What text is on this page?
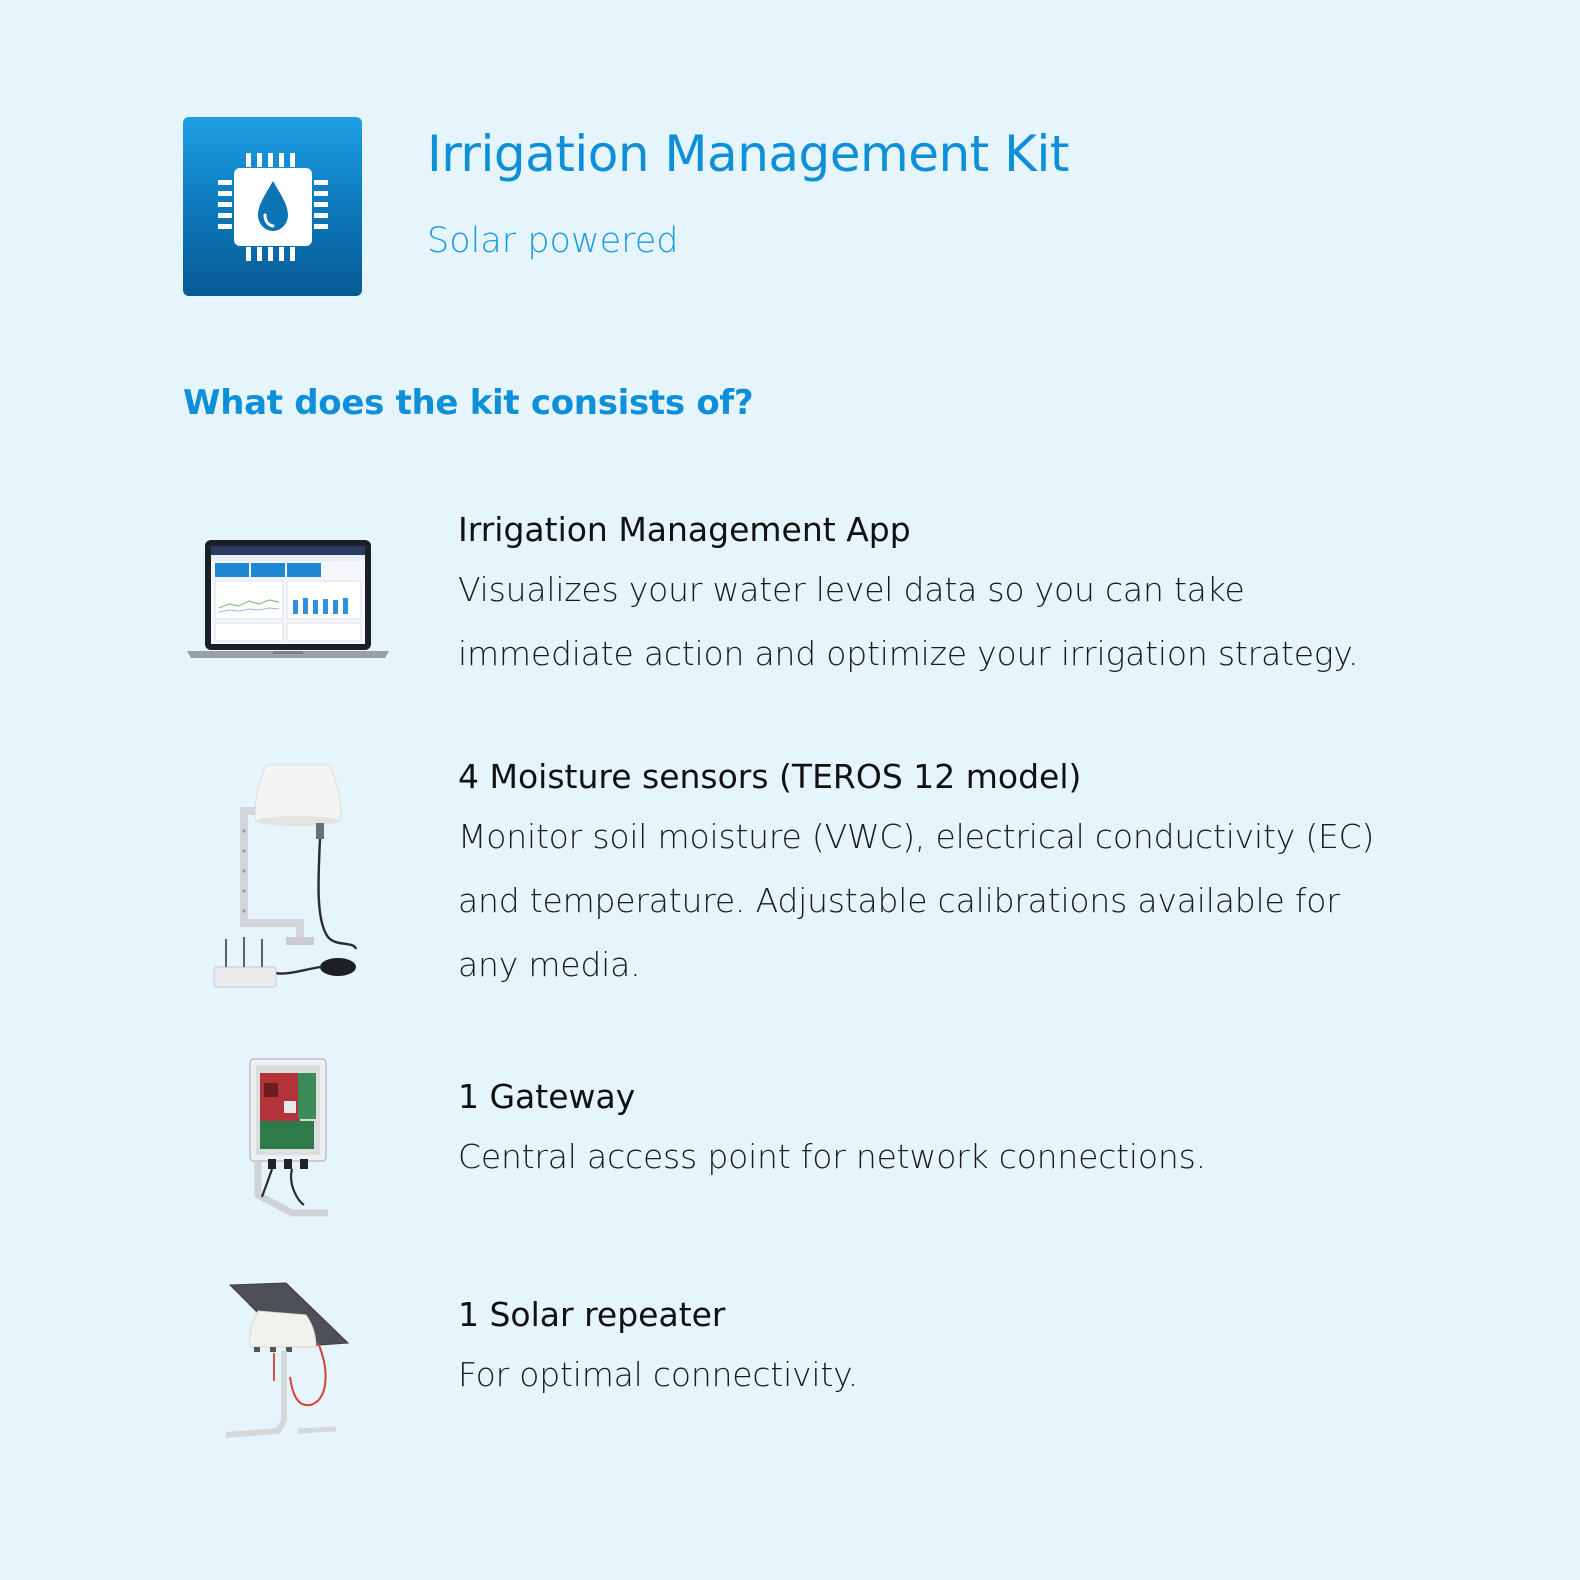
Irrigation Management Kit
Solar powered
What does the kit consists of?
Irrigation Management App
Visualizes your water level data so you can take immediate action and optimize your irrigation strategy.
4 Moisture sensors (TEROS 12 model)
Monitor soil moisture (VWC), electrical conductivity (EC) and temperature. Adjustable calibrations available for any media.
1 Gateway
Central access point for network connections.
1 Solar repeater
For optimal connectivity.
